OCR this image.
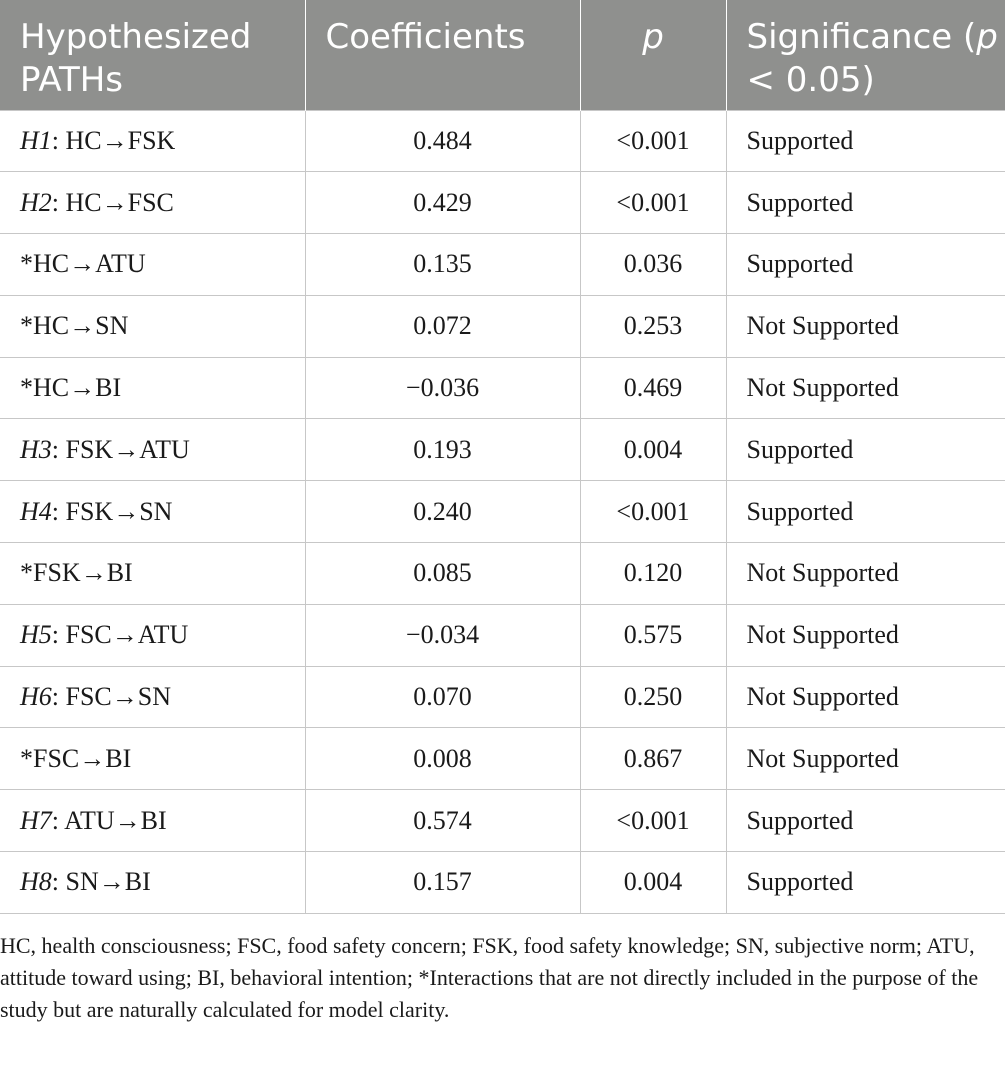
Hypothesized PATHs	Coefficients	p	Significance (p < 0.05)
H1: HC→FSK	0.484	<0.001	Supported
H2: HC→FSC	0.429	<0.001	Supported
*HC→ATU	0.135	0.036	Supported
*HC→SN	0.072	0.253	Not Supported
*HC→BI	−0.036	0.469	Not Supported
H3: FSK→ATU	0.193	0.004	Supported
H4: FSK→SN	0.240	<0.001	Supported
*FSK→BI	0.085	0.120	Not Supported
H5: FSC→ATU	−0.034	0.575	Not Supported
H6: FSC→SN	0.070	0.250	Not Supported
*FSC→BI	0.008	0.867	Not Supported
H7: ATU→BI	0.574	<0.001	Supported
H8: SN→BI	0.157	0.004	Supported

HC, health consciousness; FSC, food safety concern; FSK, food safety knowledge; SN, subjective norm; ATU, attitude toward using; BI, behavioral intention; *Interactions that are not directly included in the purpose of the study but are naturally calculated for model clarity.
